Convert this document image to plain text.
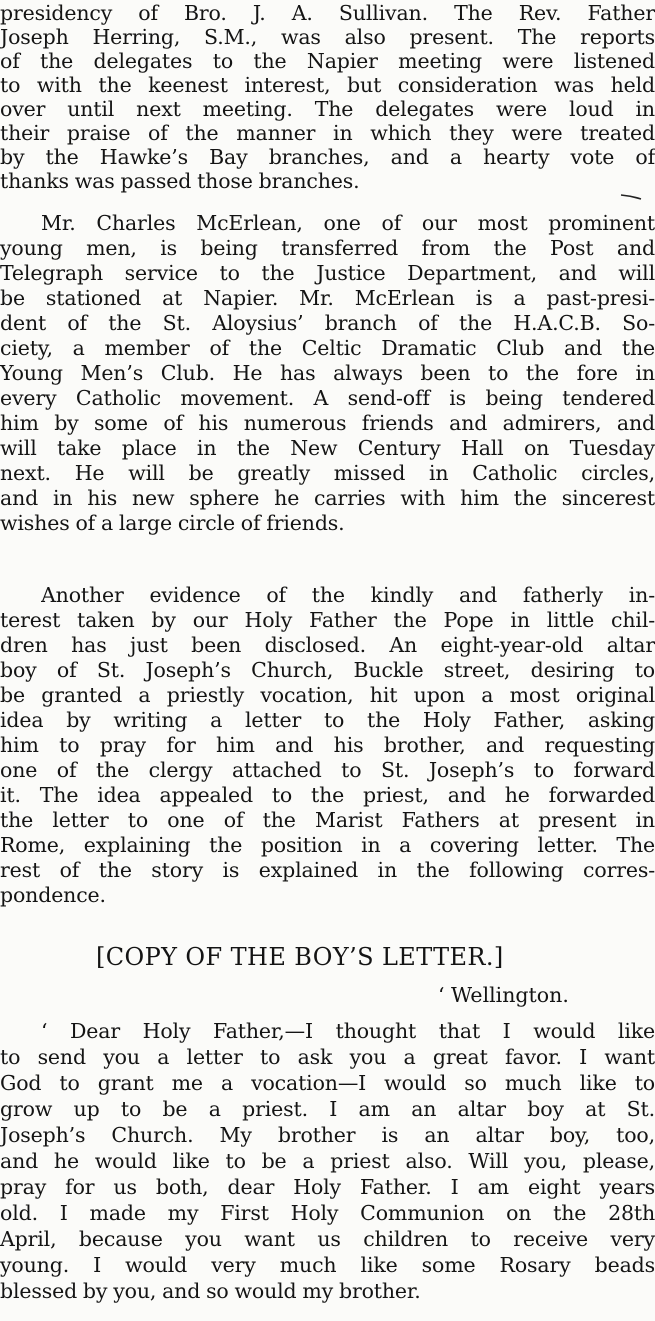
presidency of Bro. J. A. Sullivan. The Rev. Father
Joseph Herring, S.M., was also present. The reports
of the delegates to the Napier meeting were listened
to with the keenest interest, but consideration was held
over until next meeting. The delegates were loud in
their praise of the manner in which they were treated
by the Hawke’s Bay branches, and a hearty vote of
thanks was passed those branches.
Mr. Charles McErlean, one of our most prominent
young men, is being transferred from the Post and
Telegraph service to the Justice Department, and will
be stationed at Napier. Mr. McErlean is a past-presi-
dent of the St. Aloysius’ branch of the H.A.C.B. So-
ciety, a member of the Celtic Dramatic Club and the
Young Men’s Club. He has always been to the fore in
every Catholic movement. A send-off is being tendered
him by some of his numerous friends and admirers, and
will take place in the New Century Hall on Tuesday
next. He will be greatly missed in Catholic circles,
and in his new sphere he carries with him the sincerest
wishes of a large circle of friends.
Another evidence of the kindly and fatherly in-
terest taken by our Holy Father the Pope in little chil-
dren has just been disclosed. An eight-year-old altar
boy of St. Joseph’s Church, Buckle street, desiring to
be granted a priestly vocation, hit upon a most original
idea by writing a letter to the Holy Father, asking
him to pray for him and his brother, and requesting
one of the clergy attached to St. Joseph’s to forward
it. The idea appealed to the priest, and he forwarded
the letter to one of the Marist Fathers at present in
Rome, explaining the position in a covering letter. The
rest of the story is explained in the following corres-
pondence.
[COPY OF THE BOY’S LETTER.]
‘ Wellington.
‘ Dear Holy Father,—I thought that I would like
to send you a letter to ask you a great favor. I want
God to grant me a vocation—I would so much like to
grow up to be a priest. I am an altar boy at St.
Joseph’s Church. My brother is an altar boy, too,
and he would like to be a priest also. Will you, please,
pray for us both, dear Holy Father. I am eight years
old. I made my First Holy Communion on the 28th
April, because you want us children to receive very
young. I would very much like some Rosary beads
blessed by you, and so would my brother.
